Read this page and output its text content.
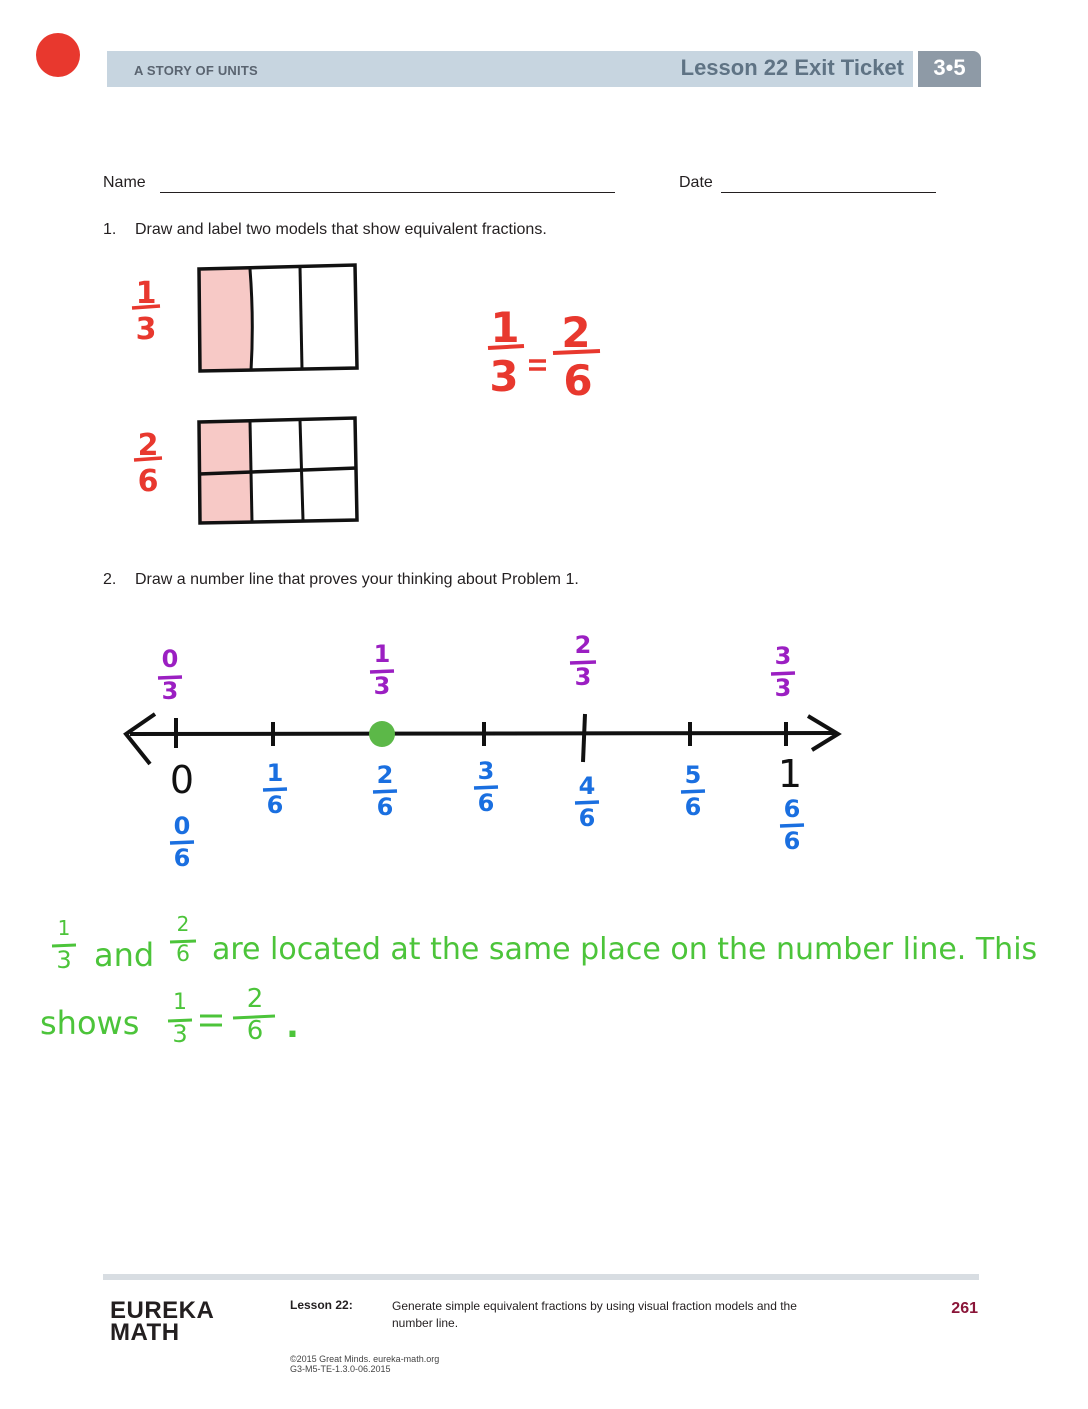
A STORY OF UNITS	Lesson 22 Exit Ticket	3•5
Name	Date
1. Draw and label two models that show equivalent fractions.
1
3
2
6
1
3
2
6
2. Draw a number line that proves your thinking about Problem 1.
0
3
1
3
2
3
3
3
0	1
0
6
1
6
2
6
3
6
4
6
5
6	6
6
1
3 and
2
6 are located at the same place on the number line. This
shows
1
3
2
6 .
EUREKA
MATH
Lesson 22:	Generate simple equivalent fractions by using visual fraction models and the number line.
261
©2015 Great Minds. eureka-math.org
G3-M5-TE-1.3.0-06.2015
